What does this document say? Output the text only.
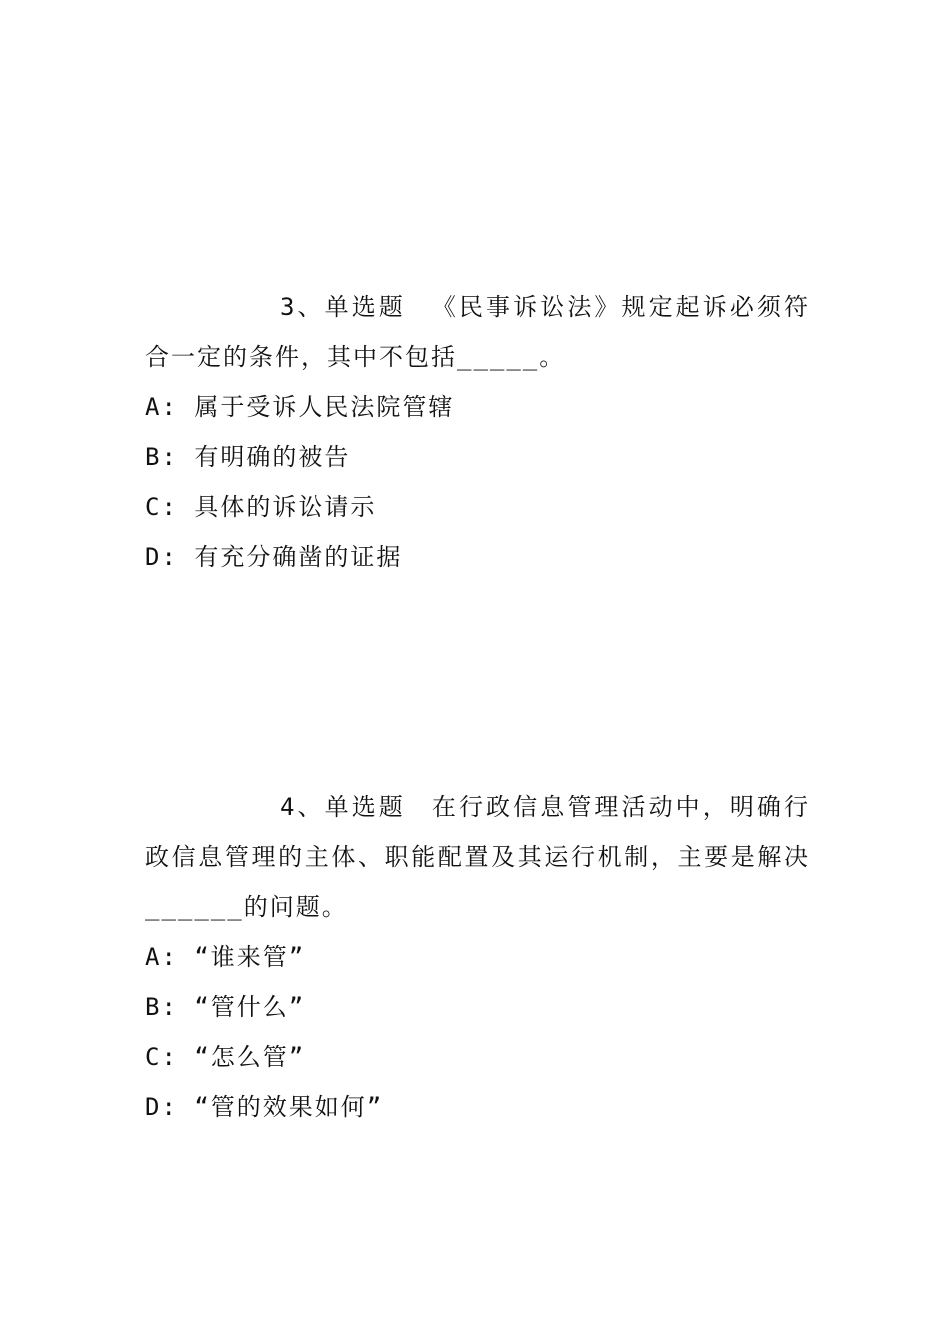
3、单选题 《民事诉讼法》规定起诉必须符合一定的条件，其中不包括_____。

A: 属于受诉人民法院管辖

B: 有明确的被告

C: 具体的诉讼请示

D: 有充分确凿的证据

4、单选题 在行政信息管理活动中，明确行政信息管理的主体、职能配置及其运行机制，主要是解决______的问题。

A: “谁来管”

B: “管什么”

C: “怎么管”

D: “管的效果如何”
